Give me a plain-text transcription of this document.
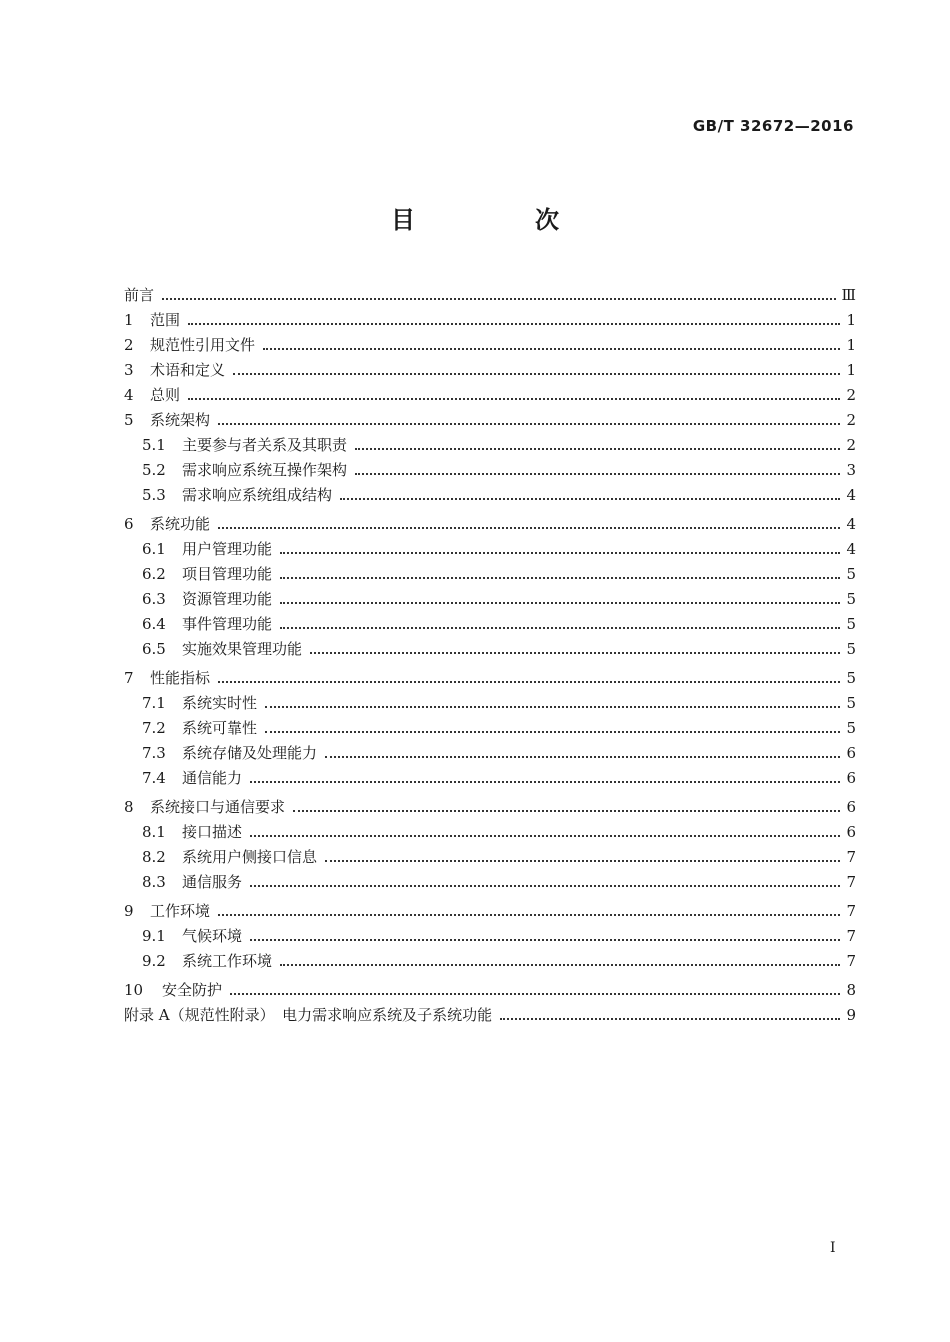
GB/T 32672—2016
目　次
前言	Ⅲ
1 范围	1
2 规范性引用文件	1
3 术语和定义	1
4 总则	2
5 系统架构	2
5.1 主要参与者关系及其职责	2
5.2 需求响应系统互操作架构	3
5.3 需求响应系统组成结构	4
6 系统功能	4
6.1 用户管理功能	4
6.2 项目管理功能	5
6.3 资源管理功能	5
6.4 事件管理功能	5
6.5 实施效果管理功能	5
7 性能指标	5
7.1 系统实时性	5
7.2 系统可靠性	5
7.3 系统存储及处理能力	6
7.4 通信能力	6
8 系统接口与通信要求	6
8.1 接口描述	6
8.2 系统用户侧接口信息	7
8.3 通信服务	7
9 工作环境	7
9.1 气候环境	7
9.2 系统工作环境	7
10	安全防护	8
附录 A（规范性附录）　电力需求响应系统及子系统功能	9
I
